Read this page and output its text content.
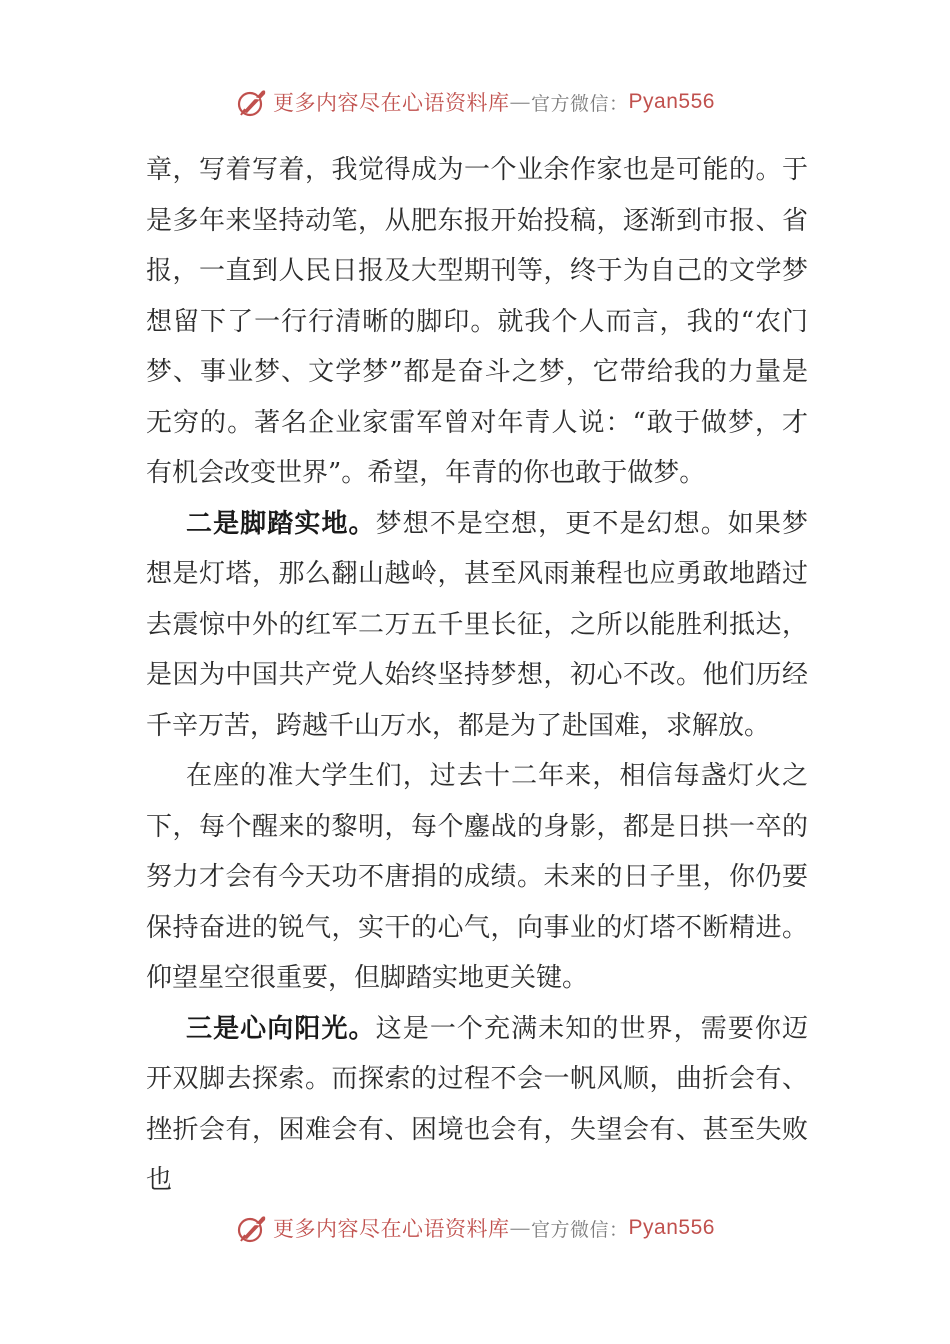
更多内容尽在心语资料库 — 官方微信： Pyan556

章，写着写着，我觉得成为一个业余作家也是可能的。于是多年来坚持动笔，从肥东报开始投稿，逐渐到市报、省报，一直到人民日报及大型期刊等，终于为自己的文学梦想留下了一行行清晰的脚印。就我个人而言，我的“农门梦、事业梦、文学梦”都是奋斗之梦，它带给我的力量是无穷的。著名企业家雷军曾对年青人说：“敢于做梦，才有机会改变世界”。希望，年青的你也敢于做梦。

二是脚踏实地。梦想不是空想，更不是幻想。如果梦想是灯塔，那么翻山越岭，甚至风雨兼程也应勇敢地踏过去震惊中外的红军二万五千里长征，之所以能胜利抵达，是因为中国共产党人始终坚持梦想，初心不改。他们历经千辛万苦，跨越千山万水，都是为了赴国难，求解放。

在座的准大学生们，过去十二年来，相信每盏灯火之下，每个醒来的黎明，每个鏖战的身影，都是日拱一卒的努力才会有今天功不唐捐的成绩。未来的日子里，你仍要保持奋进的锐气，实干的心气，向事业的灯塔不断精进。仰望星空很重要，但脚踏实地更关键。

三是心向阳光。这是一个充满未知的世界，需要你迈开双脚去探索。而探索的过程不会一帆风顺，曲折会有、挫折会有，困难会有、困境也会有，失望会有、甚至失败也

更多内容尽在心语资料库 — 官方微信： Pyan556
